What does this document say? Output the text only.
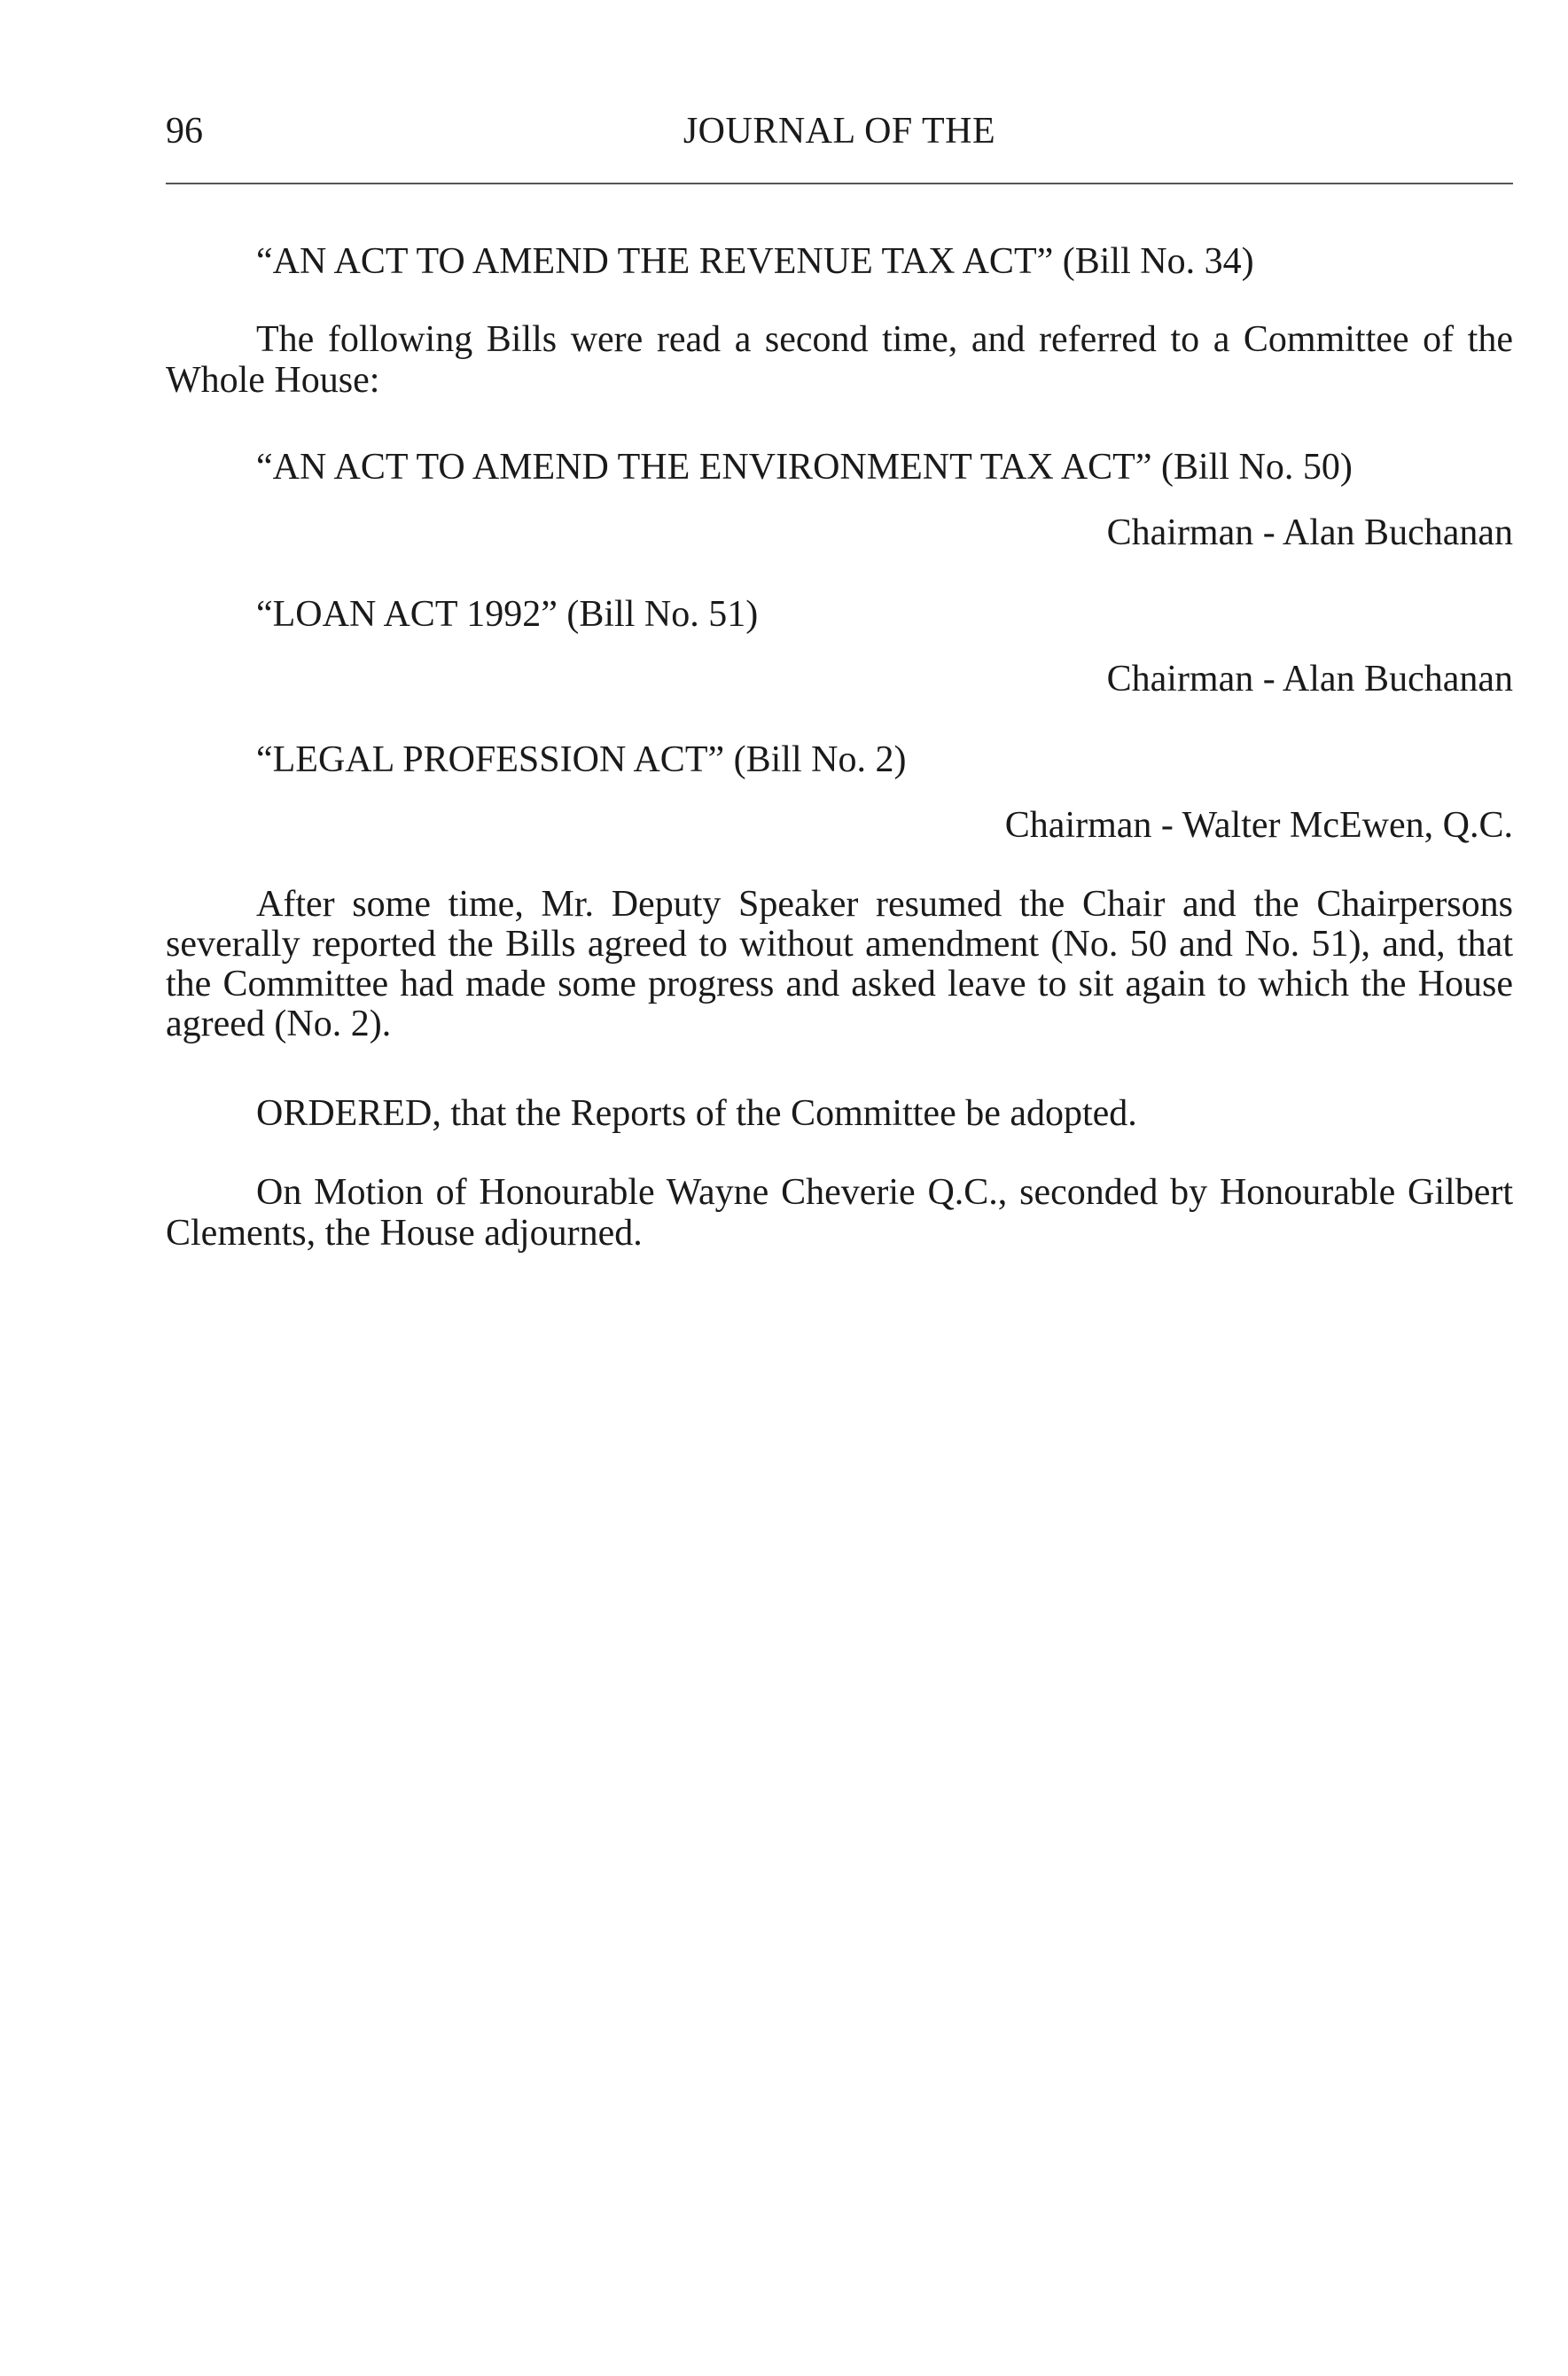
96	JOURNAL OF THE
“AN ACT TO AMEND THE REVENUE TAX ACT” (Bill No. 34)
The following Bills were read a second time, and referred to a Committee of the Whole House:
“AN ACT TO AMEND THE ENVIRONMENT TAX ACT” (Bill No. 50)
Chairman - Alan Buchanan
“LOAN ACT 1992” (Bill No. 51)
Chairman - Alan Buchanan
“LEGAL PROFESSION ACT” (Bill No. 2)
Chairman - Walter McEwen, Q.C.
After some time, Mr. Deputy Speaker resumed the Chair and the Chairpersons severally reported the Bills agreed to without amendment (No. 50 and No. 51), and, that the Committee had made some progress and asked leave to sit again to which the House agreed (No. 2).
ORDERED, that the Reports of the Committee be adopted.
On Motion of Honourable Wayne Cheverie Q.C., seconded by Honourable Gilbert Clements, the House adjourned.
